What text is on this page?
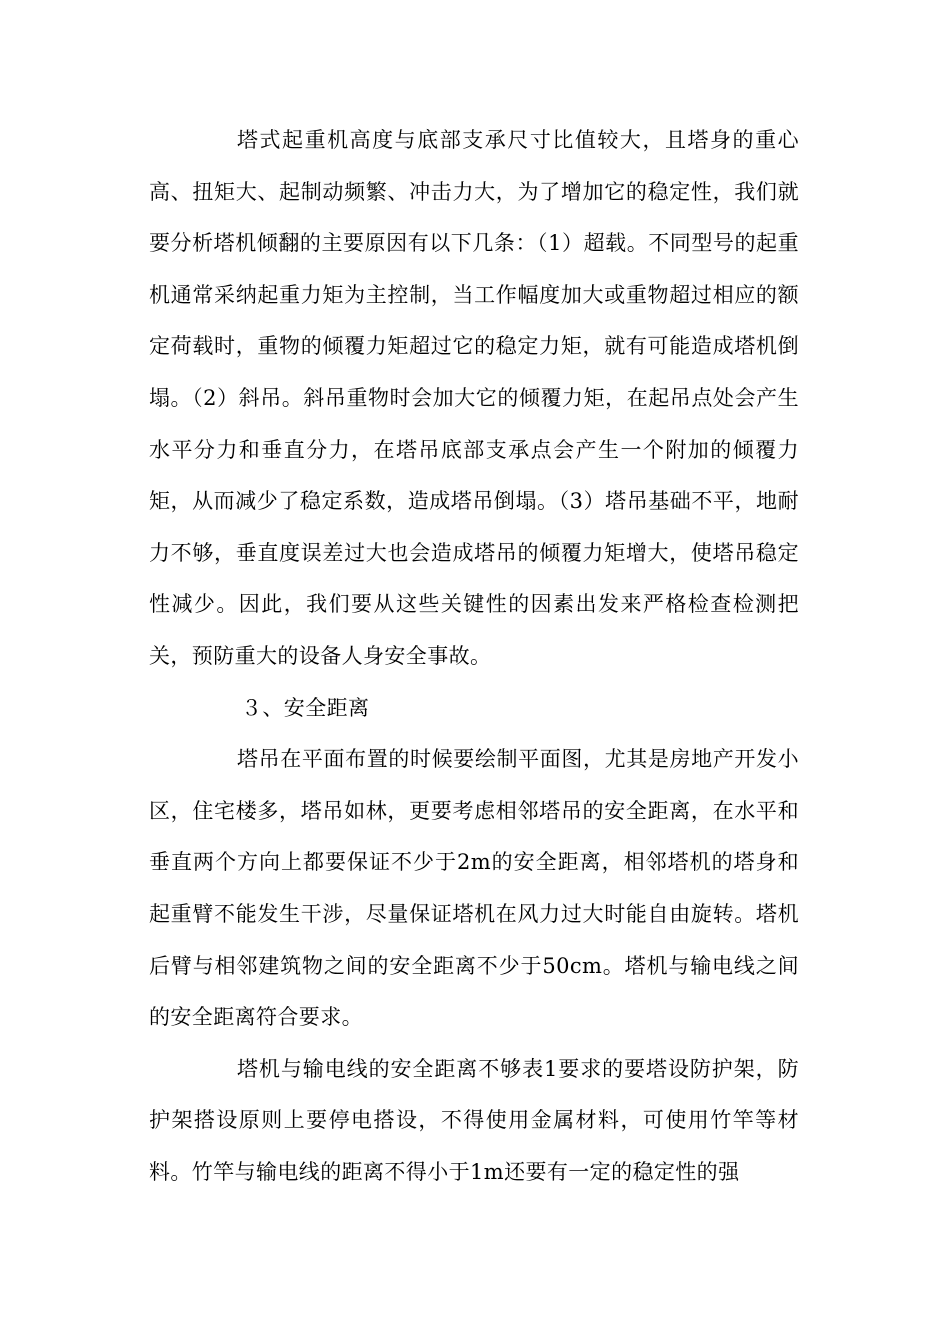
塔式起重机高度与底部支承尺寸比值较大，且塔身的重心高、扭矩大、起制动频繁、冲击力大，为了增加它的稳定性，我们就要分析塔机倾翻的主要原因有以下几条：（1）超载。不同型号的起重机通常采纳起重力矩为主控制，当工作幅度加大或重物超过相应的额定荷载时，重物的倾覆力矩超过它的稳定力矩，就有可能造成塔机倒塌。（2）斜吊。斜吊重物时会加大它的倾覆力矩，在起吊点处会产生水平分力和垂直分力，在塔吊底部支承点会产生一个附加的倾覆力矩，从而减少了稳定系数，造成塔吊倒塌。（3）塔吊基础不平，地耐力不够，垂直度误差过大也会造成塔吊的倾覆力矩增大，使塔吊稳定性减少。因此，我们要从这些关键性的因素出发来严格检查检测把关，预防重大的设备人身安全事故。

３、安全距离

塔吊在平面布置的时候要绘制平面图，尤其是房地产开发小区，住宅楼多，塔吊如林，更要考虑相邻塔吊的安全距离，在水平和垂直两个方向上都要保证不少于2m的安全距离，相邻塔机的塔身和起重臂不能发生干涉，尽量保证塔机在风力过大时能自由旋转。塔机后臂与相邻建筑物之间的安全距离不少于50cm。塔机与输电线之间的安全距离符合要求。

塔机与输电线的安全距离不够表1要求的要塔设防护架，防护架搭设原则上要停电搭设，不得使用金属材料，可使用竹竿等材料。竹竿与输电线的距离不得小于1m还要有一定的稳定性的强
